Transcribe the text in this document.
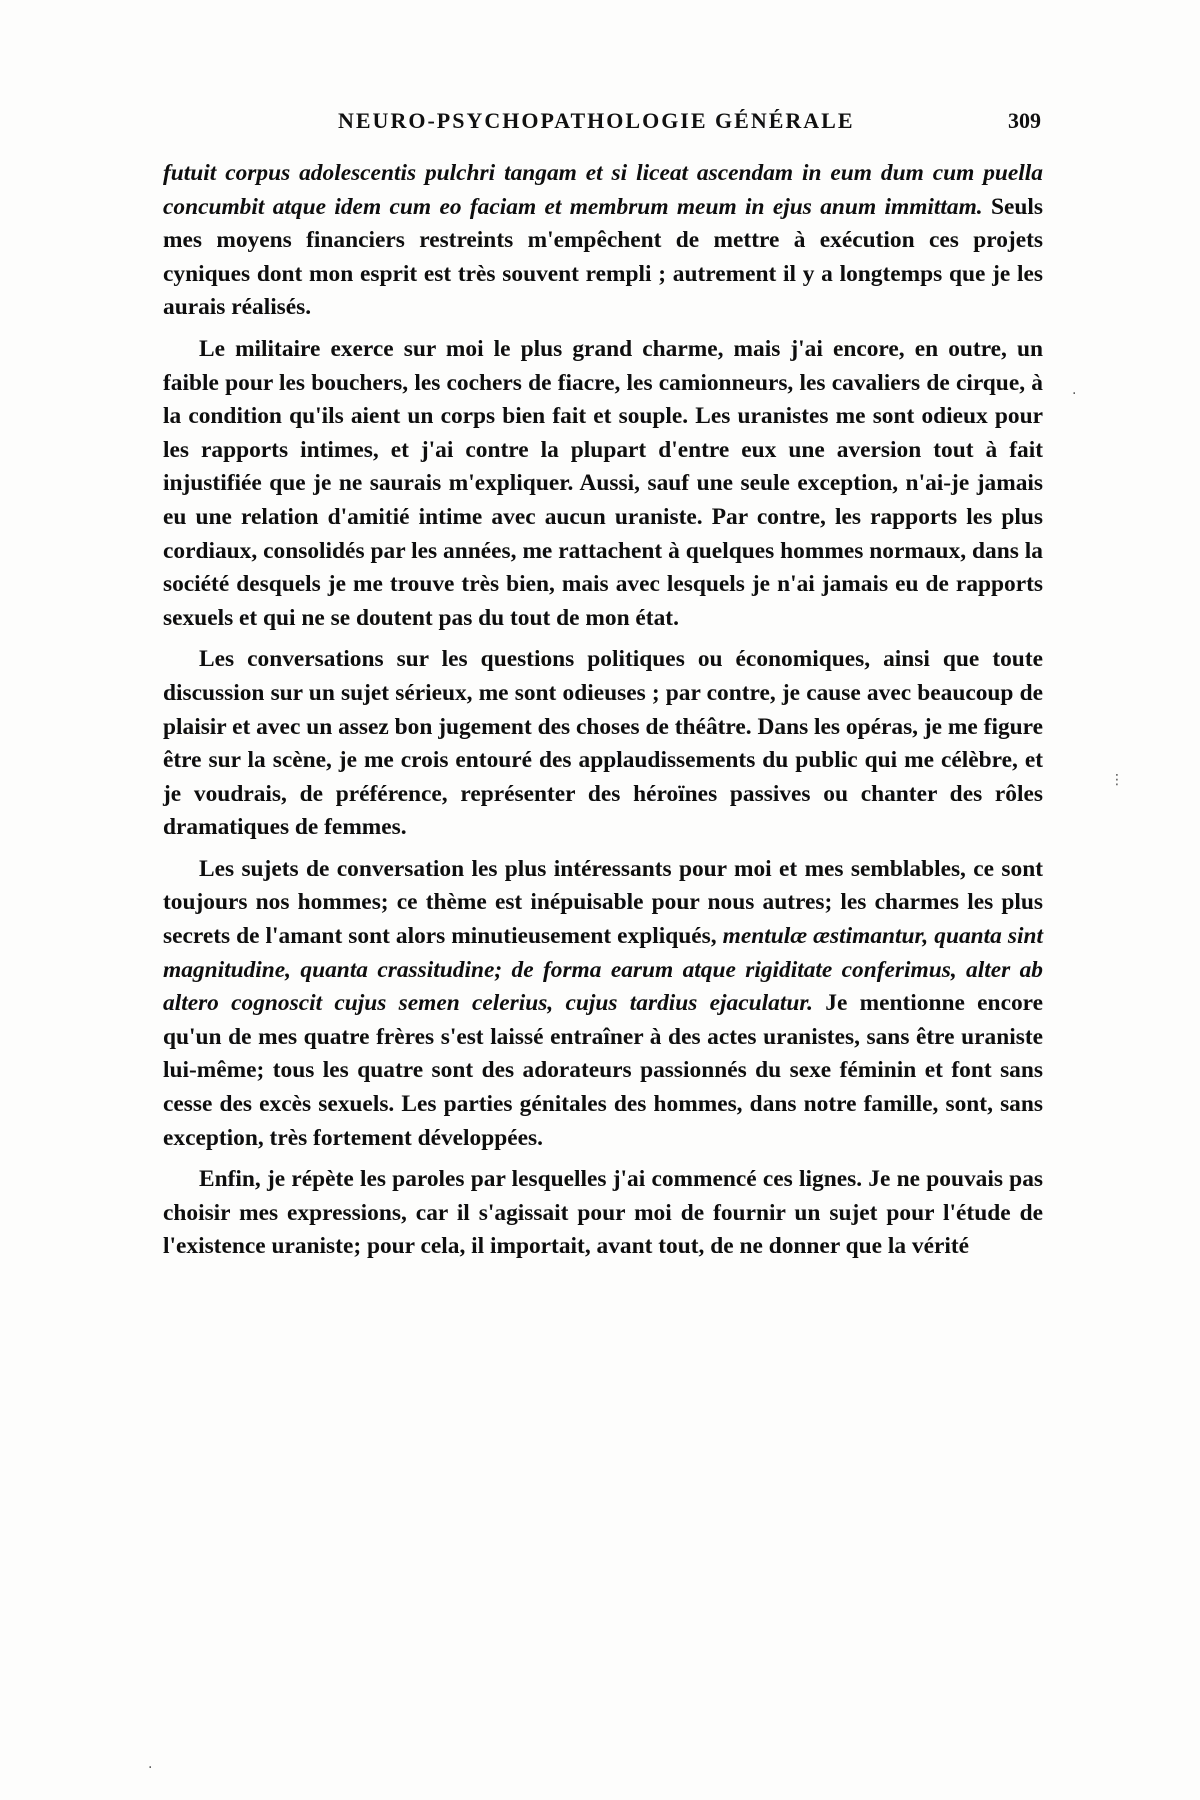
NEURO-PSYCHOPATHOLOGIE GÉNÉRALE	309

futuit corpus adolescentis pulchri tangam et si liceat ascendam in eum dum cum puella concumbit atque idem cum eo faciam et membrum meum in ejus anum immittam. Seuls mes moyens financiers restreints m'empêchent de mettre à exécution ces projets cyniques dont mon esprit est très souvent rempli ; autrement il y a longtemps que je les aurais réalisés.

Le militaire exerce sur moi le plus grand charme, mais j'ai encore, en outre, un faible pour les bouchers, les cochers de fiacre, les camionneurs, les cavaliers de cirque, à la condition qu'ils aient un corps bien fait et souple. Les uranistes me sont odieux pour les rapports intimes, et j'ai contre la plupart d'entre eux une aversion tout à fait injustifiée que je ne saurais m'expliquer. Aussi, sauf une seule exception, n'ai-je jamais eu une relation d'amitié intime avec aucun uraniste. Par contre, les rapports les plus cordiaux, consolidés par les années, me rattachent à quelques hommes normaux, dans la société desquels je me trouve très bien, mais avec lesquels je n'ai jamais eu de rapports sexuels et qui ne se doutent pas du tout de mon état.

Les conversations sur les questions politiques ou économiques, ainsi que toute discussion sur un sujet sérieux, me sont odieuses ; par contre, je cause avec beaucoup de plaisir et avec un assez bon jugement des choses de théâtre. Dans les opéras, je me figure être sur la scène, je me crois entouré des applaudissements du public qui me célèbre, et je voudrais, de préférence, représenter des héroïnes passives ou chanter des rôles dramatiques de femmes.

Les sujets de conversation les plus intéressants pour moi et mes semblables, ce sont toujours nos hommes; ce thème est inépuisable pour nous autres; les charmes les plus secrets de l'amant sont alors minutieusement expliqués, mentulæ æstimantur, quanta sint magnitudine, quanta crassitudine; de forma earum atque rigiditate conferimus, alter ab altero cognoscit cujus semen celerius, cujus tardius ejaculatur. Je mentionne encore qu'un de mes quatre frères s'est laissé entraîner à des actes uranistes, sans être uraniste lui-même; tous les quatre sont des adorateurs passionnés du sexe féminin et font sans cesse des excès sexuels. Les parties génitales des hommes, dans notre famille, sont, sans exception, très fortement développées.

Enfin, je répète les paroles par lesquelles j'ai commencé ces lignes. Je ne pouvais pas choisir mes expressions, car il s'agissait pour moi de fournir un sujet pour l'étude de l'existence uraniste; pour cela, il importait, avant tout, de ne donner que la vérité

·
⋮
·
